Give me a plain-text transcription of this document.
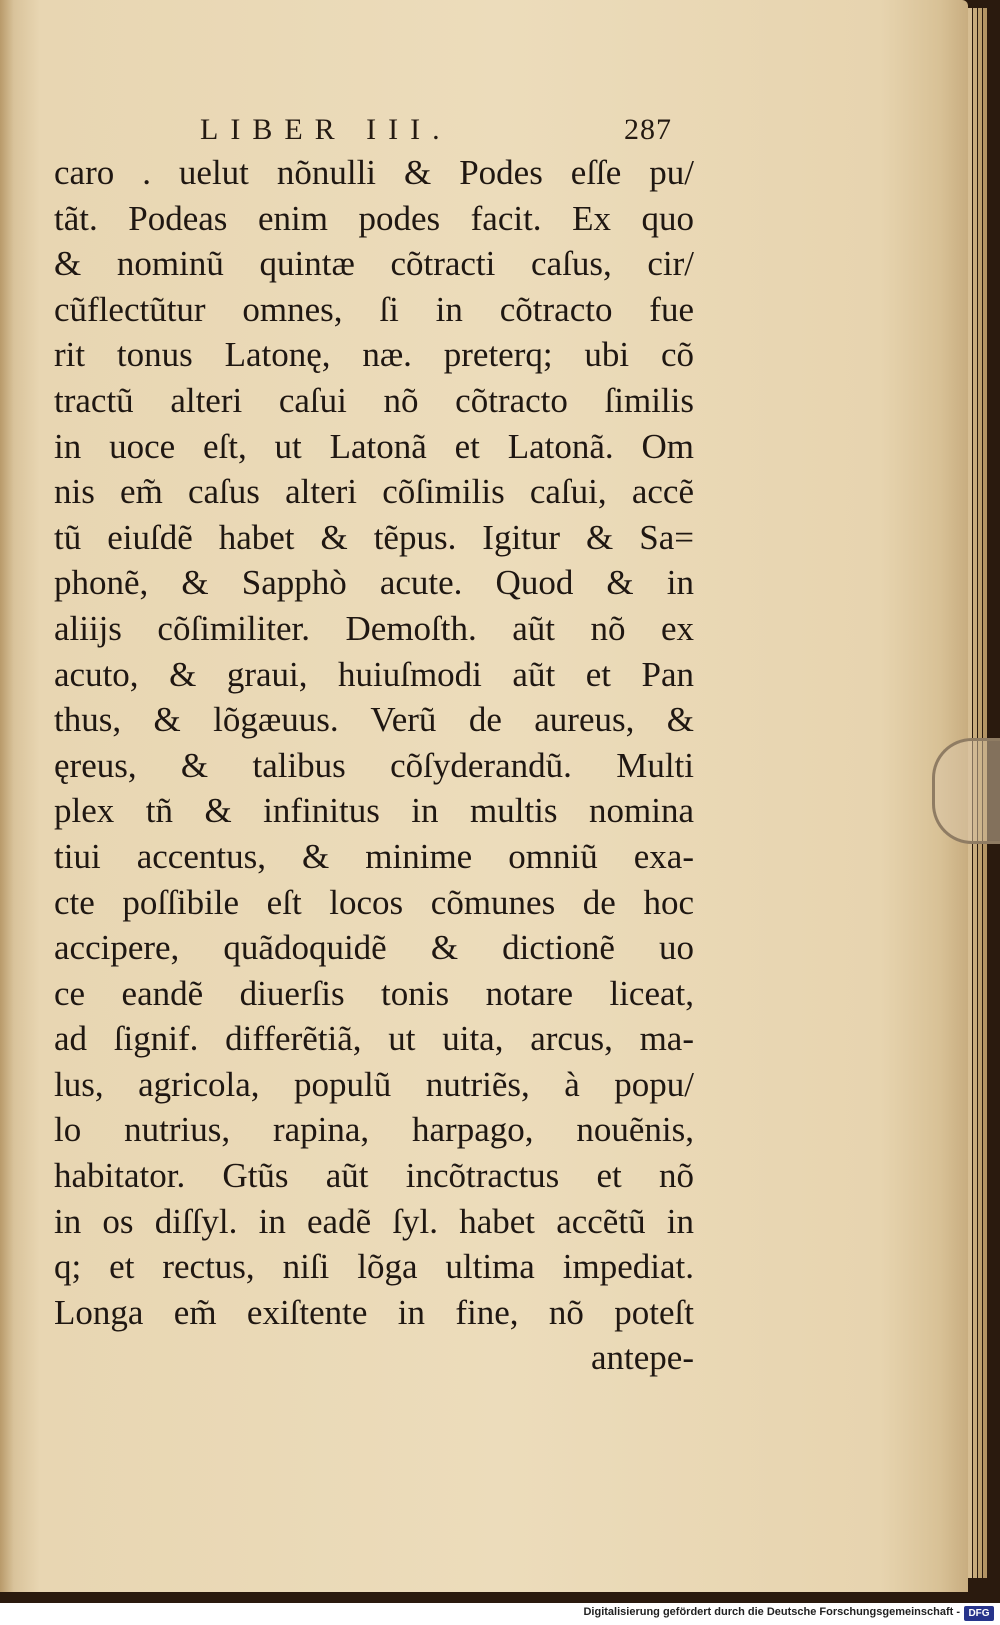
LIBER III.	287
caro . uelut nõnulli & Podes eſſe pu/
tãt. Podeas enim podes facit. Ex quo
& nominũ quintæ cõtracti caſus, cir/
cũflectũtur omnes, ſi in cõtracto fue
rit tonus Latonę, næ. preterq; ubi cõ
tractũ alteri caſui nõ cõtracto ſimilis
in uoce eſt, ut Latonã et Latonã. Om
nis em̃ caſus alteri cõſimilis caſui, accẽ
tũ eiuſdẽ habet & tẽpus. Igitur & Sa=
phonẽ, & Sapphò acute. Quod & in
aliĳs cõſimiliter. Demoſth. aũt nõ ex
acuto, & graui, huiuſmodi aũt et Pan
thus, & lõgæuus. Verũ de aureus, &
ęreus, & talibus cõſyderandũ. Multi
plex tñ & infinitus in multis nomina
tiui accentus, & minime omniũ exa-
cte poſſibile eſt locos cõmunes de hoc
accipere, quãdoquidẽ & dictionẽ uo
ce eandẽ diuerſis tonis notare liceat,
ad ſignif. differẽtiã, ut uita, arcus, ma-
lus, agricola, populũ nutriẽs, à popu/
lo nutrius, rapina, harpago, nouẽnis,
habitator. Gtũs aũt incõtractus et nõ
in os diſſyl. in eadẽ ſyl. habet accẽtũ in
q; et rectus, niſi lõga ultima impediat.
Longa em̃ exiſtente in fine, nõ poteſt
antepe-
Digitalisierung gefördert durch die Deutsche Forschungsgemeinschaft - DFG
